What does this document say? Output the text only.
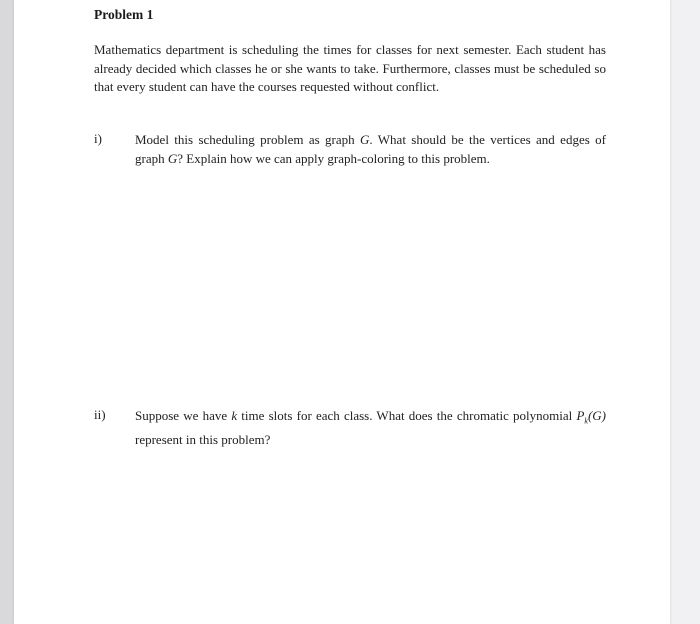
Problem 1
Mathematics department is scheduling the times for classes for next semester. Each student has already decided which classes he or she wants to take. Furthermore, classes must be scheduled so that every student can have the courses requested without conflict.
i)	Model this scheduling problem as graph G. What should be the vertices and edges of graph G? Explain how we can apply graph-coloring to this problem.
ii) Suppose we have k time slots for each class. What does the chromatic polynomial $P_k(G)$ represent in this problem?
